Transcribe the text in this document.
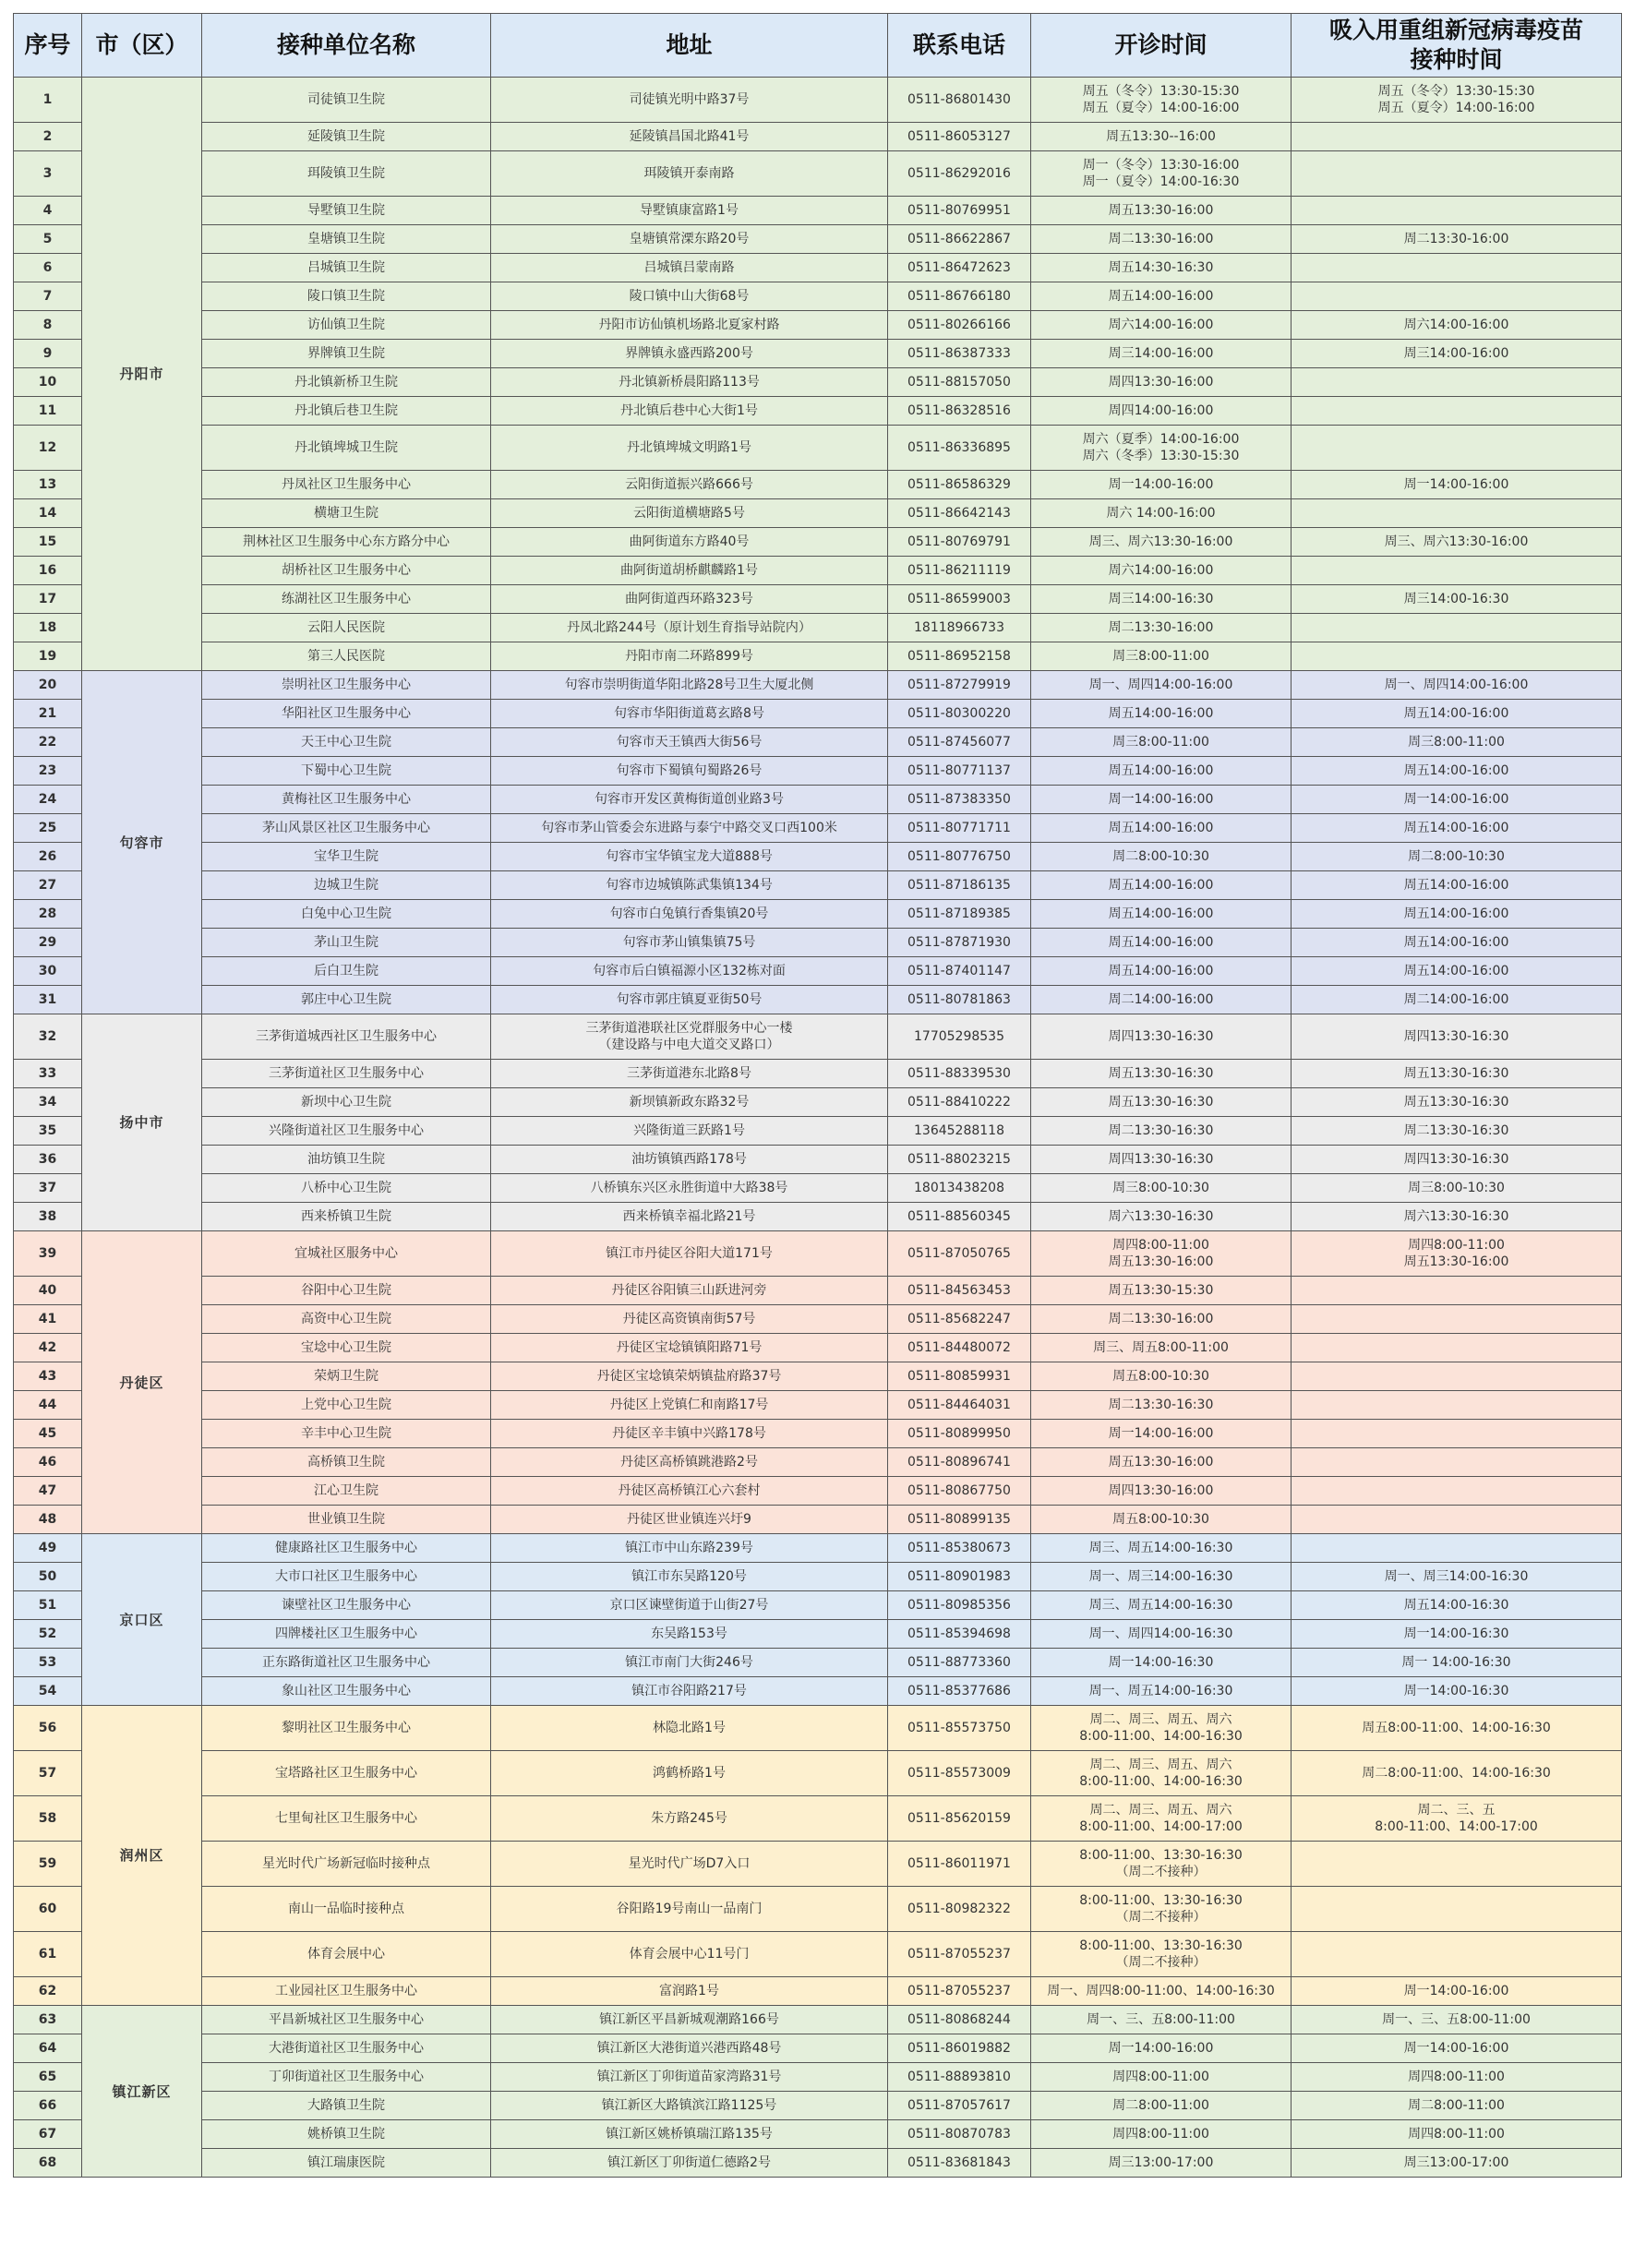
序号	市（区）	接种单位名称	地址	联系电话	开诊时间	吸入用重组新冠病毒疫苗
接种时间
1	丹阳市	司徒镇卫生院	司徒镇光明中路37号	0511-86801430	周五（冬令）13:30-15:30
周五（夏令）14:00-16:00	周五（冬令）13:30-15:30
周五（夏令）14:00-16:00
2		延陵镇卫生院	延陵镇昌国北路41号	0511-86053127	周五13:30--16:00	
3		珥陵镇卫生院	珥陵镇开泰南路	0511-86292016	周一（冬令）13:30-16:00
周一（夏令）14:00-16:30	
4		导墅镇卫生院	导墅镇康富路1号	0511-80769951	周五13:30-16:00	
5		皇塘镇卫生院	皇塘镇常溧东路20号	0511-86622867	周二13:30-16:00	周二13:30-16:00
6		吕城镇卫生院	吕城镇吕蒙南路	0511-86472623	周五14:30-16:30	
7		陵口镇卫生院	陵口镇中山大街68号	0511-86766180	周五14:00-16:00	
8		访仙镇卫生院	丹阳市访仙镇机场路北夏家村路	0511-80266166	周六14:00-16:00	周六14:00-16:00
9		界牌镇卫生院	界牌镇永盛西路200号	0511-86387333	周三14:00-16:00	周三14:00-16:00
10		丹北镇新桥卫生院	丹北镇新桥晨阳路113号	0511-88157050	周四13:30-16:00	
11		丹北镇后巷卫生院	丹北镇后巷中心大街1号	0511-86328516	周四14:00-16:00	
12		丹北镇埤城卫生院	丹北镇埤城文明路1号	0511-86336895	周六（夏季）14:00-16:00
周六（冬季）13:30-15:30	
13		丹凤社区卫生服务中心	云阳街道振兴路666号	0511-86586329	周一14:00-16:00	周一14:00-16:00
14		横塘卫生院	云阳街道横塘路5号	0511-86642143	周六 14:00-16:00	
15		荆林社区卫生服务中心东方路分中心	曲阿街道东方路40号	0511-80769791	周三、周六13:30-16:00	周三、周六13:30-16:00
16		胡桥社区卫生服务中心	曲阿街道胡桥麒麟路1号	0511-86211119	周六14:00-16:00	
17		练湖社区卫生服务中心	曲阿街道西环路323号	0511-86599003	周三14:00-16:30	周三14:00-16:30
18		云阳人民医院	丹凤北路244号（原计划生育指导站院内）	18118966733	周二13:30-16:00	
19		第三人民医院	丹阳市南二环路899号	0511-86952158	周三8:00-11:00	
20	句容市	崇明社区卫生服务中心	句容市崇明街道华阳北路28号卫生大厦北侧	0511-87279919	周一、周四14:00-16:00	周一、周四14:00-16:00
21		华阳社区卫生服务中心	句容市华阳街道葛玄路8号	0511-80300220	周五14:00-16:00	周五14:00-16:00
22		天王中心卫生院	句容市天王镇西大街56号	0511-87456077	周三8:00-11:00	周三8:00-11:00
23		下蜀中心卫生院	句容市下蜀镇句蜀路26号	0511-80771137	周五14:00-16:00	周五14:00-16:00
24		黄梅社区卫生服务中心	句容市开发区黄梅街道创业路3号	0511-87383350	周一14:00-16:00	周一14:00-16:00
25		茅山风景区社区卫生服务中心	句容市茅山管委会东进路与泰宁中路交叉口西100米	0511-80771711	周五14:00-16:00	周五14:00-16:00
26		宝华卫生院	句容市宝华镇宝龙大道888号	0511-80776750	周二8:00-10:30	周二8:00-10:30
27		边城卫生院	句容市边城镇陈武集镇134号	0511-87186135	周五14:00-16:00	周五14:00-16:00
28		白兔中心卫生院	句容市白兔镇行香集镇20号	0511-87189385	周五14:00-16:00	周五14:00-16:00
29		茅山卫生院	句容市茅山镇集镇75号	0511-87871930	周五14:00-16:00	周五14:00-16:00
30		后白卫生院	句容市后白镇福源小区132栋对面	0511-87401147	周五14:00-16:00	周五14:00-16:00
31		郭庄中心卫生院	句容市郭庄镇夏亚街50号	0511-80781863	周二14:00-16:00	周二14:00-16:00
32	扬中市	三茅街道城西社区卫生服务中心	三茅街道港联社区党群服务中心一楼
（建设路与中电大道交叉路口）	17705298535	周四13:30-16:30	周四13:30-16:30
33		三茅街道社区卫生服务中心	三茅街道港东北路8号	0511-88339530	周五13:30-16:30	周五13:30-16:30
34		新坝中心卫生院	新坝镇新政东路32号	0511-88410222	周五13:30-16:30	周五13:30-16:30
35		兴隆街道社区卫生服务中心	兴隆街道三跃路1号	13645288118	周二13:30-16:30	周二13:30-16:30
36		油坊镇卫生院	油坊镇镇西路178号	0511-88023215	周四13:30-16:30	周四13:30-16:30
37		八桥中心卫生院	八桥镇东兴区永胜街道中大路38号	18013438208	周三8:00-10:30	周三8:00-10:30
38		西来桥镇卫生院	西来桥镇幸福北路21号	0511-88560345	周六13:30-16:30	周六13:30-16:30
39	丹徒区	宜城社区服务中心	镇江市丹徒区谷阳大道171号	0511-87050765	周四8:00-11:00
周五13:30-16:00	周四8:00-11:00
周五13:30-16:00
40		谷阳中心卫生院	丹徒区谷阳镇三山跃进河旁	0511-84563453	周五13:30-15:30	
41		高资中心卫生院	丹徒区高资镇南街57号	0511-85682247	周二13:30-16:00	
42		宝埝中心卫生院	丹徒区宝埝镇镇阳路71号	0511-84480072	周三、周五8:00-11:00	
43		荣炳卫生院	丹徒区宝埝镇荣炳镇盐府路37号	0511-80859931	周五8:00-10:30	
44		上党中心卫生院	丹徒区上党镇仁和南路17号	0511-84464031	周二13:30-16:30	
45		辛丰中心卫生院	丹徒区辛丰镇中兴路178号	0511-80899950	周一14:00-16:00	
46		高桥镇卫生院	丹徒区高桥镇跳港路2号	0511-80896741	周五13:30-16:00	
47		江心卫生院	丹徒区高桥镇江心六套村	0511-80867750	周四13:30-16:00	
48		世业镇卫生院	丹徒区世业镇连兴圩9	0511-80899135	周五8:00-10:30	
49	京口区	健康路社区卫生服务中心	镇江市中山东路239号	0511-85380673	周三、周五14:00-16:30	
50		大市口社区卫生服务中心	镇江市东吴路120号	0511-80901983	周一、周三14:00-16:30	周一、周三14:00-16:30
51		谏壁社区卫生服务中心	京口区谏壁街道于山街27号	0511-80985356	周三、周五14:00-16:30	周五14:00-16:30
52		四牌楼社区卫生服务中心	东吴路153号	0511-85394698	周一、周四14:00-16:30	周一14:00-16:30
53		正东路街道社区卫生服务中心	镇江市南门大街246号	0511-88773360	周一14:00-16:30	周一 14:00-16:30
54		象山社区卫生服务中心	镇江市谷阳路217号	0511-85377686	周一、周五14:00-16:30	周一14:00-16:30
56	润州区	黎明社区卫生服务中心	林隐北路1号	0511-85573750	周二、周三、周五、周六
8:00-11:00、14:00-16:30	周五8:00-11:00、14:00-16:30
57		宝塔路社区卫生服务中心	鸿鹤桥路1号	0511-85573009	周二、周三、周五、周六
8:00-11:00、14:00-16:30	周二8:00-11:00、14:00-16:30
58		七里甸社区卫生服务中心	朱方路245号	0511-85620159	周二、周三、周五、周六
8:00-11:00、14:00-17:00	周二、三、五
8:00-11:00、14:00-17:00
59		星光时代广场新冠临时接种点	星光时代广场D7入口	0511-86011971	8:00-11:00、13:30-16:30
（周二不接种）	
60		南山一品临时接种点	谷阳路19号南山一品南门	0511-80982322	8:00-11:00、13:30-16:30
（周二不接种）	
61		体育会展中心	体育会展中心11号门	0511-87055237	8:00-11:00、13:30-16:30
（周二不接种）	
62		工业园社区卫生服务中心	富润路1号	0511-87055237	周一、周四8:00-11:00、14:00-16:30	周一14:00-16:00
63	镇江新区	平昌新城社区卫生服务中心	镇江新区平昌新城观潮路166号	0511-80868244	周一、三、五8:00-11:00	周一、三、五8:00-11:00
64		大港街道社区卫生服务中心	镇江新区大港街道兴港西路48号	0511-86019882	周一14:00-16:00	周一14:00-16:00
65		丁卯街道社区卫生服务中心	镇江新区丁卯街道苗家湾路31号	0511-88893810	周四8:00-11:00	周四8:00-11:00
66		大路镇卫生院	镇江新区大路镇滨江路1125号	0511-87057617	周二8:00-11:00	周二8:00-11:00
67		姚桥镇卫生院	镇江新区姚桥镇瑞江路135号	0511-80870783	周四8:00-11:00	周四8:00-11:00
68		镇江瑞康医院	镇江新区丁卯街道仁德路2号	0511-83681843	周三13:00-17:00	周三13:00-17:00
